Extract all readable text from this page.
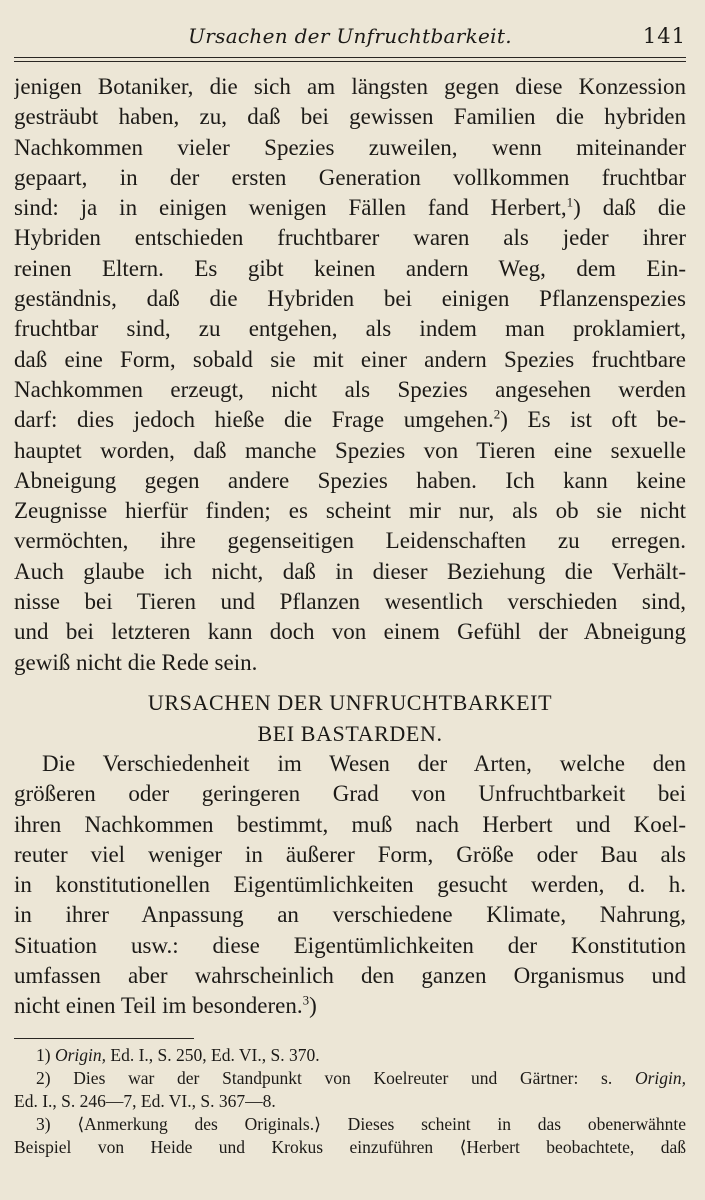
Ursachen der Unfruchtbarkeit.	141
jenigen Botaniker, die sich am längsten gegen diese Konzession
gesträubt haben, zu, daß bei gewissen Familien die hybriden
Nachkommen vieler Spezies zuweilen, wenn miteinander
gepaart, in der ersten Generation vollkommen fruchtbar
sind: ja in einigen wenigen Fällen fand Herbert,$^1$) daß die
Hybriden entschieden fruchtbarer waren als jeder ihrer
reinen Eltern. Es gibt keinen andern Weg, dem Ein-
geständnis, daß die Hybriden bei einigen Pflanzenspezies
fruchtbar sind, zu entgehen, als indem man proklamiert,
daß eine Form, sobald sie mit einer andern Spezies fruchtbare
Nachkommen erzeugt, nicht als Spezies angesehen werden
darf: dies jedoch hieße die Frage umgehen.$^2$) Es ist oft be-
hauptet worden, daß manche Spezies von Tieren eine sexuelle
Abneigung gegen andere Spezies haben. Ich kann keine
Zeugnisse hierfür finden; es scheint mir nur, als ob sie nicht
vermöchten, ihre gegenseitigen Leidenschaften zu erregen.
Auch glaube ich nicht, daß in dieser Beziehung die Verhält-
nisse bei Tieren und Pflanzen wesentlich verschieden sind,
und bei letzteren kann doch von einem Gefühl der Abneigung
gewiß nicht die Rede sein.
URSACHEN DER UNFRUCHTBARKEIT
BEI BASTARDEN.
Die Verschiedenheit im Wesen der Arten, welche den
größeren oder geringeren Grad von Unfruchtbarkeit bei
ihren Nachkommen bestimmt, muß nach Herbert und Koel-
reuter viel weniger in äußerer Form, Größe oder Bau als
in konstitutionellen Eigentümlichkeiten gesucht werden, d. h.
in ihrer Anpassung an verschiedene Klimate, Nahrung,
Situation usw.: diese Eigentümlichkeiten der Konstitution
umfassen aber wahrscheinlich den ganzen Organismus und
nicht einen Teil im besonderen.$^3$)
1) Origin, Ed. I., S. 250, Ed. VI., S. 370.
2) Dies war der Standpunkt von Koelreuter und Gärtner: s. Origin,
Ed. I., S. 246—7, Ed. VI., S. 367—8.
3) ⟨Anmerkung des Originals.⟩ Dieses scheint in das obenerwähnte
Beispiel von Heide und Krokus einzuführen ⟨Herbert beobachtete, daß
